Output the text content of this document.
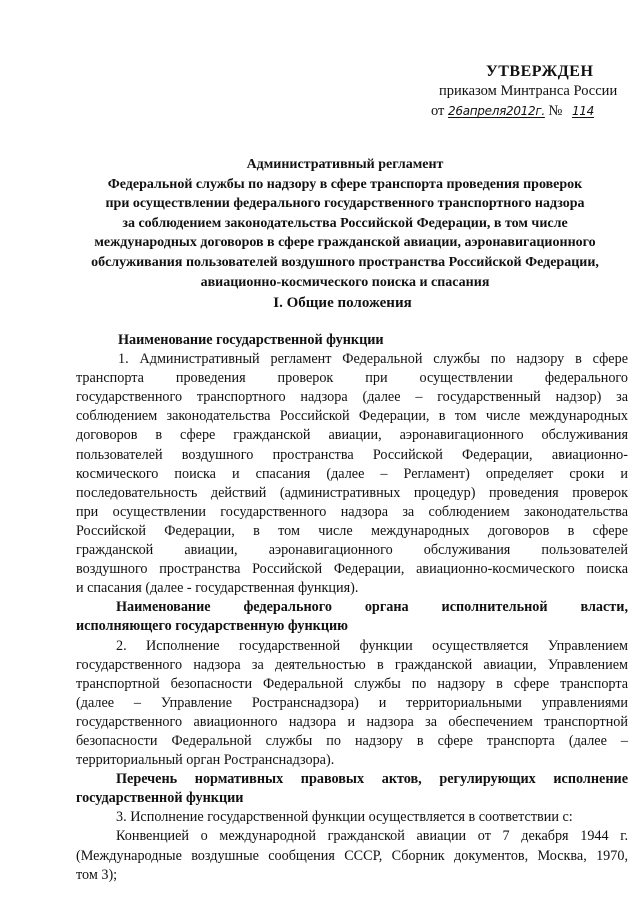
УТВЕРЖДЕН
приказом Минтранса России
от 26апреля2012г. № 114
Административный регламент
Федеральной службы по надзору в сфере транспорта проведения проверок
при осуществлении федерального государственного транспортного надзора
за соблюдением законодательства Российской Федерации, в том числе
международных договоров в сфере гражданской авиации, аэронавигационного
обслуживания пользователей воздушного пространства Российской Федерации,
авиационно-космического поиска и спасания
I. Общие положения
Наименование государственной функции
1. Административный регламент Федеральной службы по надзору в сфере
транспорта проведения проверок при осуществлении федерального
государственного транспортного надзора (далее – государственный надзор) за
соблюдением законодательства Российской Федерации, в том числе международных
договоров в сфере гражданской авиации, аэронавигационного обслуживания
пользователей воздушного пространства Российской Федерации, авиационно-
космического поиска и спасания (далее – Регламент) определяет сроки и
последовательность действий (административных процедур) проведения проверок
при осуществлении государственного надзора за соблюдением законодательства
Российской Федерации, в том числе международных договоров в сфере
гражданской авиации, аэронавигационного обслуживания пользователей
воздушного пространства Российской Федерации, авиационно-космического поиска
и спасания (далее - государственная функция).
Наименование федерального органа исполнительной власти,
исполняющего государственную функцию
2. Исполнение государственной функции осуществляется Управлением
государственного надзора за деятельностью в гражданской авиации, Управлением
транспортной безопасности Федеральной службы по надзору в сфере транспорта
(далее – Управление Ространснадзора) и территориальными управлениями
государственного авиационного надзора и надзора за обеспечением транспортной
безопасности Федеральной службы по надзору в сфере транспорта (далее –
территориальный орган Ространснадзора).
Перечень нормативных правовых актов, регулирующих исполнение
государственной функции
3. Исполнение государственной функции осуществляется в соответствии с:
Конвенцией о международной гражданской авиации от 7 декабря 1944 г.
(Международные воздушные сообщения СССР, Сборник документов, Москва, 1970,
том 3);
